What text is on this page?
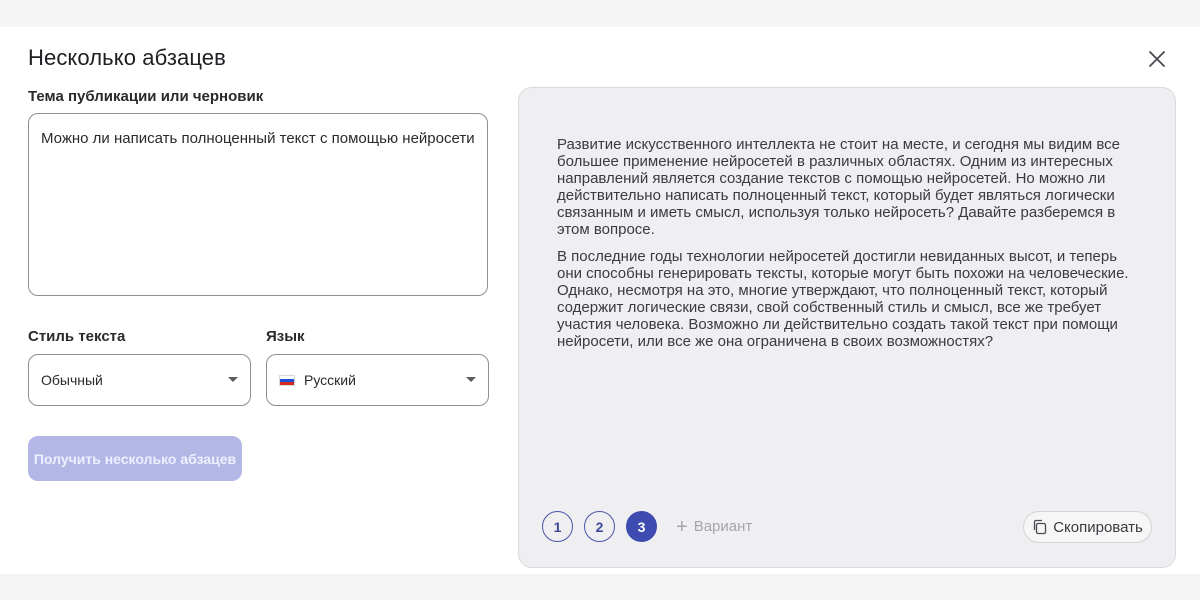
Несколько абзацев
Тема публикации или черновик
Можно ли написать полноценный текст с помощью нейросети
Стиль текста
Обычный
Язык
Русский
Получить несколько абзацев

Развитие искусственного интеллекта не стоит на месте, и сегодня мы видим все большее применение нейросетей в различных областях. Одним из интересных направлений является создание текстов с помощью нейросетей. Но можно ли действительно написать полноценный текст, который будет являться логически связанным и иметь смысл, используя только нейросеть? Давайте разберемся в этом вопросе.

В последние годы технологии нейросетей достигли невиданных высот, и теперь они способны генерировать тексты, которые могут быть похожи на человеческие. Однако, несмотря на это, многие утверждают, что полноценный текст, который содержит логические связи, свой собственный стиль и смысл, все же требует участия человека. Возможно ли действительно создать такой текст при помощи нейросети, или все же она ограничена в своих возможностях?

1	2	3	+ Вариант	Скопировать
